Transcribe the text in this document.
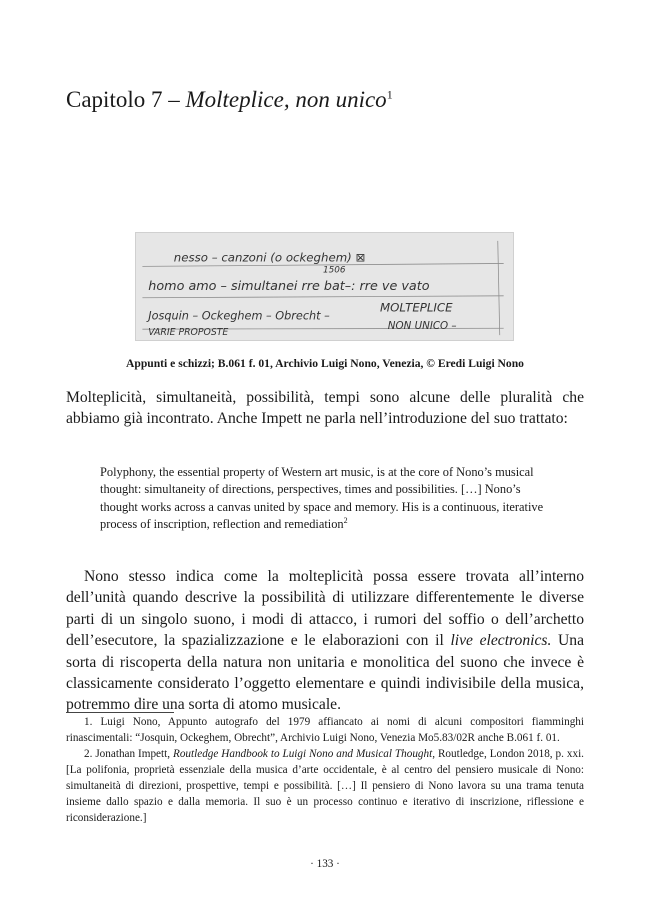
Capitolo 7 – Molteplice, non unico$^1$
nesso – canzoni (o ockeghem) ⊠
1506
homo amo – simultanei rre bat–: rre ve vato
Josquin – Ockeghem – Obrecht –
MOLTEPLICE
VARIE PROPOSTE
NON UNICO –
Appunti e schizzi; B.061 f. 01, Archivio Luigi Nono, Venezia, © Eredi Luigi Nono

Molteplicità, simultaneità, possibilità, tempi sono alcune delle pluralità che abbiamo già incontrato. Anche Impett ne parla nell’introduzione del suo trattato:

Polyphony, the essential property of Western art music, is at the core of Nono’s musical thought: simultaneity of directions, perspectives, times and possibilities. […] Nono’s thought works across a canvas united by space and memory. His is a continuous, iterative process of inscription, reflection and remediation$^2$

Nono stesso indica come la molteplicità possa essere trovata all’interno dell’unità quando descrive la possibilità di utilizzare differentemente le diverse parti di un singolo suono, i modi di attacco, i rumori del soffio o dell’archetto dell’esecutore, la spazializzazione e le elaborazioni con il live electronics. Una sorta di riscoperta della natura non unitaria e monolitica del suono che invece è classicamente considerato l’oggetto elementare e quindi indivisibile della musica, potremmo dire una sorta di atomo musicale.

1. Luigi Nono, Appunto autografo del 1979 affiancato ai nomi di alcuni compositori fiamminghi rinascimentali: “Josquin, Ockeghem, Obrecht”, Archivio Luigi Nono, Venezia Mo5.83/02R anche B.061 f. 01.

2. Jonathan Impett, Routledge Handbook to Luigi Nono and Musical Thought, Routledge, London 2018, p. xxi. [La polifonia, proprietà essenziale della musica d’arte occidentale, è al centro del pensiero musicale di Nono: simultaneità di direzioni, prospettive, tempi e possibilità. […] Il pensiero di Nono lavora su una trama tenuta insieme dallo spazio e dalla memoria. Il suo è un processo continuo e iterativo di inscrizione, riflessione e riconsiderazione.]

· 133 ·
